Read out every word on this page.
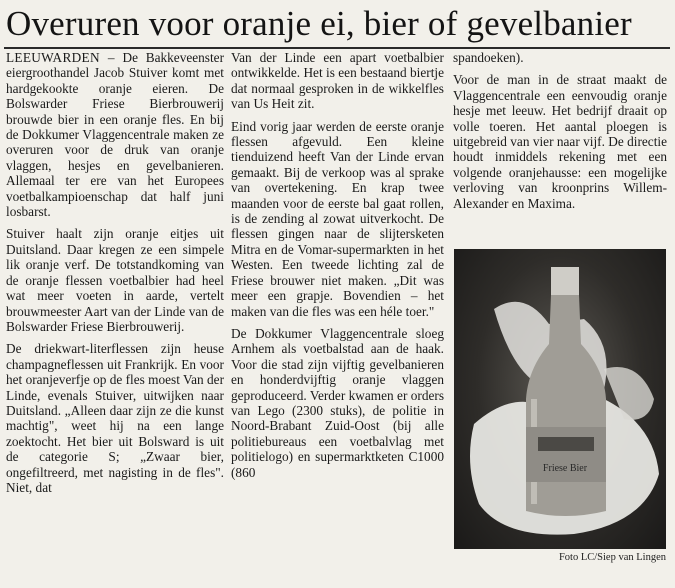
Overuren voor oranje ei, bier of gevelbanier

LEEUWARDEN – De Bakkeveenster eiergroothandel Jacob Stuiver komt met hardgekookte oranje eieren. De Bolswarder Friese Bierbrouwerij brouwde bier in een oranje fles. En bij de Dokkumer Vlaggencentrale maken ze overuren voor de druk van oranje vlaggen, hesjes en gevelbanieren. Allemaal ter ere van het Europees voetbalkampioenschap dat half juni losbarst.

Stuiver haalt zijn oranje eitjes uit Duitsland. Daar kregen ze een simpele lik oranje verf. De totstandkoming van de oranje flessen voetbalbier had heel wat meer voeten in aarde, vertelt brouwmeester Aart van der Linde van de Bolswarder Friese Bierbrouwerij.

De driekwart-literflessen zijn heuse champagneflessen uit Frankrijk. En voor het oranjeverfje op de fles moest Van der Linde, evenals Stuiver, uitwijken naar Duitsland. „Alleen daar zijn ze die kunst machtig", weet hij na een lange zoektocht. Het bier uit Bolsward is uit de categorie S; „Zwaar bier, ongefiltreerd, met nagisting in de fles". Niet, dat

Van der Linde een apart voetbalbier ontwikkelde. Het is een bestaand biertje dat normaal gesproken in de wikkelfles van Us Heit zit.

Eind vorig jaar werden de eerste oranje flessen afgevuld. Een kleine tienduizend heeft Van der Linde ervan gemaakt. Bij de verkoop was al sprake van overtekening. En krap twee maanden voor de eerste bal gaat rollen, is de zending al zowat uitverkocht. De flessen gingen naar de slijtersketen Mitra en de Vomar-supermarkten in het Westen. Een tweede lichting zal de Friese brouwer niet maken. „Dit was meer een grapje. Bovendien – het maken van die fles was een héle toer."

De Dokkumer Vlaggencentrale sloeg Arnhem als voetbalstad aan de haak. Voor die stad zijn vijftig gevelbanieren en honderdvijftig oranje vlaggen geproduceerd. Verder kwamen er orders van Lego (2300 stuks), de politie in Noord-Brabant Zuid-Oost (bij alle politiebureaus een voetbalvlag met politielogo) en supermarktketen C1000 (860

spandoeken).

Voor de man in de straat maakt de Vlaggencentrale een eenvoudig oranje hesje met leeuw. Het bedrijf draait op volle toeren. Het aantal ploegen is uitgebreid van vier naar vijf. De directie houdt inmiddels rekening met een volgende oranjehausse: een mogelijke verloving van kroonprins Willem-Alexander en Maxima.

Friese Bier
Foto LC/Siep van Lingen
